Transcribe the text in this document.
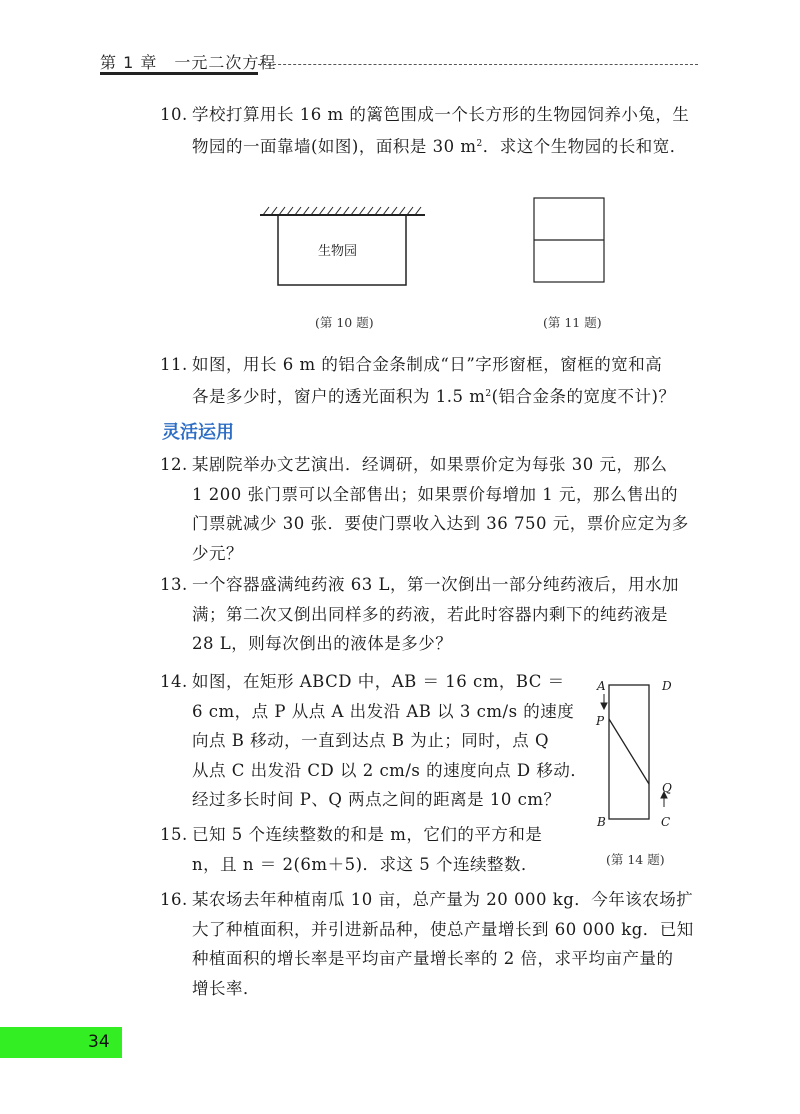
第 1 章　一元二次方程
10. 学校打算用长 16 m 的篱笆围成一个长方形的生物园饲养小兔，生
物园的一面靠墙(如图)，面积是 30 $m^2$．求这个生物园的长和宽．
生物园
(第 10 题)	(第 11 题)
11. 如图，用长 6 m 的铝合金条制成“日”字形窗框，窗框的宽和高
各是多少时，窗户的透光面积为 1.5 $m^2$(铝合金条的宽度不计)？
灵活运用
12. 某剧院举办文艺演出．经调研，如果票价定为每张 30 元，那么
1 200 张门票可以全部售出；如果票价每增加 1 元，那么售出的
门票就减少 30 张．要使门票收入达到 36 750 元，票价应定为多
少元？
13. 一个容器盛满纯药液 63 L，第一次倒出一部分纯药液后，用水加
满；第二次又倒出同样多的药液，若此时容器内剩下的纯药液是
28 L，则每次倒出的液体是多少？
14. 如图，在矩形 ABCD 中，AB ＝ 16 cm，BC ＝
6 cm，点 P 从点 A 出发沿 AB 以 3 cm/s 的速度
向点 B 移动，一直到达点 B 为止；同时，点 Q
从点 C 出发沿 CD 以 2 cm/s 的速度向点 D 移动．
经过多长时间 P、Q 两点之间的距离是 10 cm？
A	D
P
Q
B	C
(第 14 题)
15. 已知 5 个连续整数的和是 m，它们的平方和是
n，且 n ＝ 2(6m＋5)．求这 5 个连续整数．
16. 某农场去年种植南瓜 10 亩，总产量为 20 000 kg．今年该农场扩
大了种植面积，并引进新品种，使总产量增长到 60 000 kg．已知
种植面积的增长率是平均亩产量增长率的 2 倍，求平均亩产量的
增长率．
34
